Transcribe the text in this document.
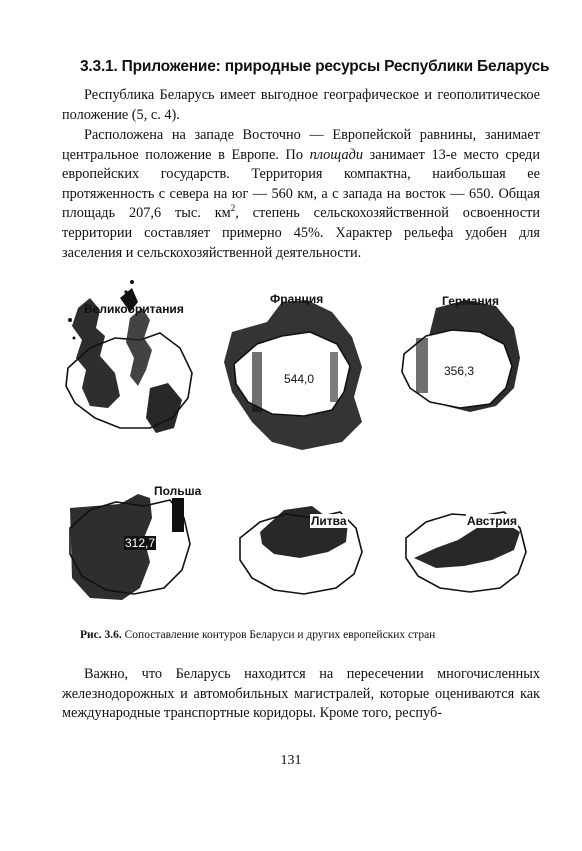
3.3.1. Приложение: природные ресурсы Республики Беларусь
Республика Беларусь имеет выгодное географическое и геополитическое положение (5, с. 4).
Расположена на западе Восточно — Европейской равнины, занимает центральное положение в Европе. По площади занимает 13-е место среди европейских государств. Территория компактна, наибольшая ее протяженность с севера на юг — 560 км, а с запада на восток — 650. Общая площадь 207,6 тыс. $км^2$, степень сельскохозяйственной освоенности территории составляет примерно 45%. Характер рельефа удобен для заселения и сельскохозяйственной деятельности.
Великобритания
Франция
544,0
Германия
356,3
Польша
312,7
Литва	Австрия
Рис. 3.6. Сопоставление контуров Беларуси и других европейских стран
Важно, что Беларусь находится на пересечении многочисленных железнодорожных и автомобильных магистралей, которые оцениваются как международные транспортные коридоры. Кроме того, респуб-
131
